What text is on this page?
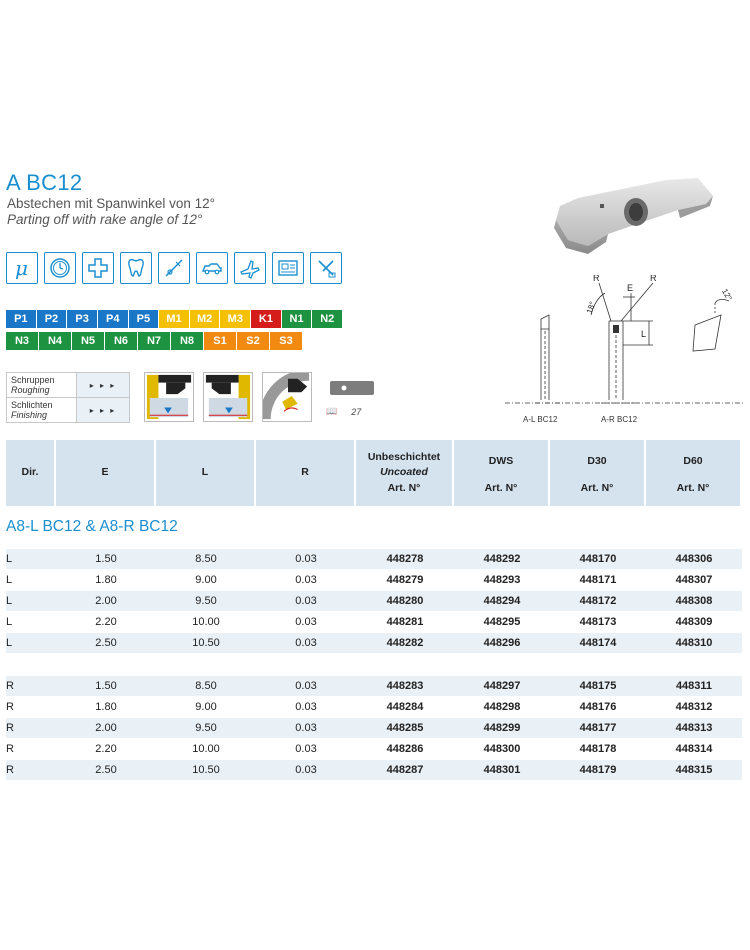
A BC12
Abstechen mit Spanwinkel von 12°
Parting off with rake angle of 12°
μ
P1	P2	P3	P4	P5	M1	M2	M3	K1	N1	N2
N3	N4	N5	N6	N7	N8	S1	S2	S3
Schruppen
Roughing	▸ ▸ ▸
Schlichten
Finishing	▸ ▸ ▸	📖 27
R	R
E
L
18°
12°
A-L BC12	A-R BC12
Dir.	E	L	R
Unbeschichtet
Uncoated
Art. N°
DWS
Art. N°
D30
Art. N°
D60
Art. N°
A8-L BC12 & A8-R BC12
L	1.50	8.50	0.03	448278	448292	448170	448306
L	1.80	9.00	0.03	448279	448293	448171	448307
L	2.00	9.50	0.03	448280	448294	448172	448308
L	2.20	10.00	0.03	448281	448295	448173	448309
L	2.50	10.50	0.03	448282	448296	448174	448310
R	1.50	8.50	0.03	448283	448297	448175	448311
R	1.80	9.00	0.03	448284	448298	448176	448312
R	2.00	9.50	0.03	448285	448299	448177	448313
R	2.20	10.00	0.03	448286	448300	448178	448314
R	2.50	10.50	0.03	448287	448301	448179	448315
